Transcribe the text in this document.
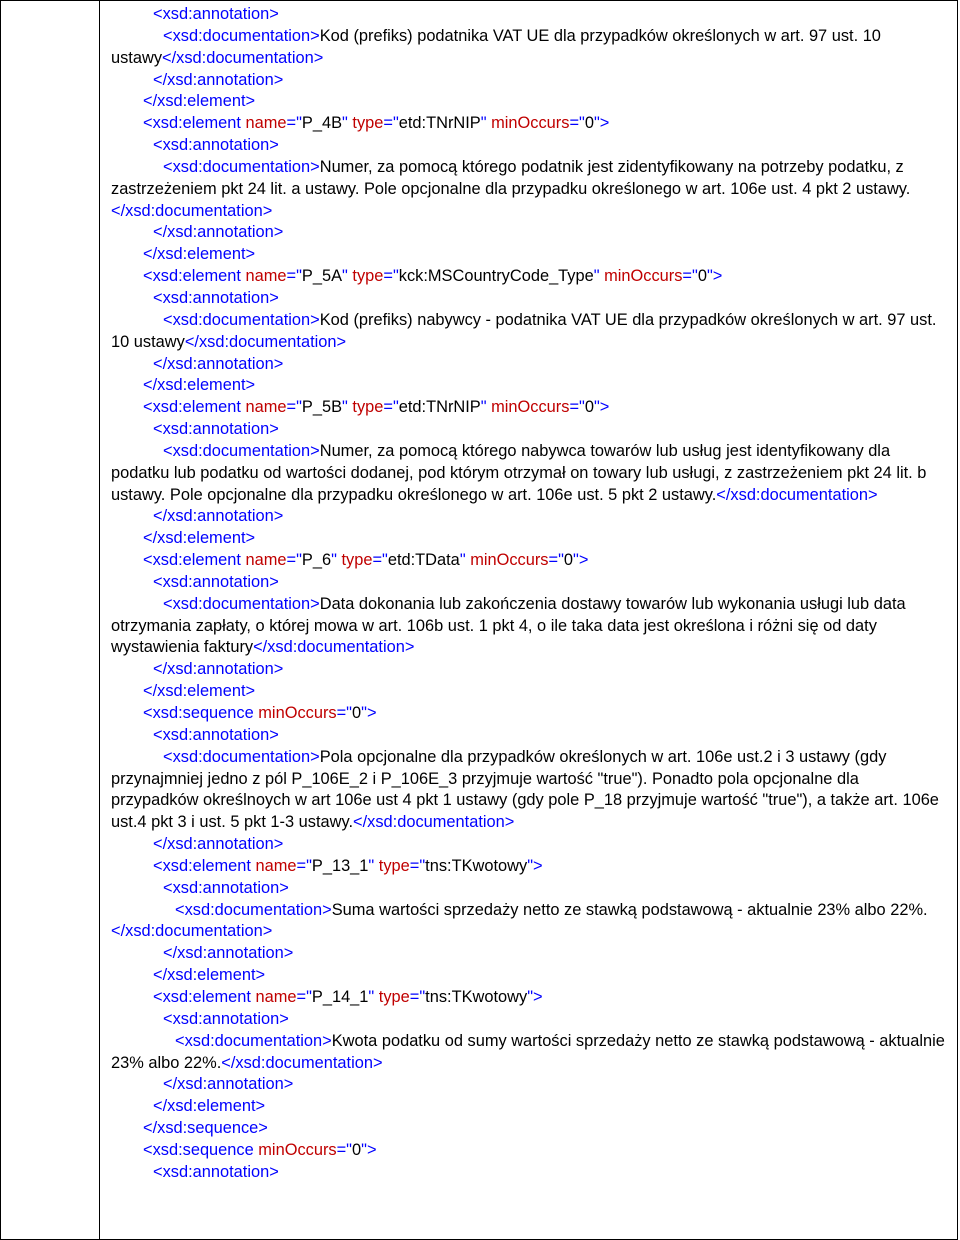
<xsd:annotation>
<xsd:documentation>Kod (prefiks) podatnika VAT UE dla przypadków określonych w art. 97 ust. 10 ustawy</xsd:documentation>
</xsd:annotation>
</xsd:element>
<xsd:element name="P_4B" type="etd:TNrNIP" minOccurs="0">
<xsd:annotation>
<xsd:documentation>Numer, za pomocą którego podatnik jest zidentyfikowany na potrzeby podatku, z zastrzeżeniem pkt 24 lit. a ustawy. Pole opcjonalne dla przypadku określonego w art. 106e ust. 4 pkt 2 ustawy.</xsd:documentation>
</xsd:annotation>
</xsd:element>
<xsd:element name="P_5A" type="kck:MSCountryCode_Type" minOccurs="0">
<xsd:annotation>
<xsd:documentation>Kod (prefiks) nabywcy - podatnika VAT UE dla przypadków określonych w art. 97 ust. 10 ustawy</xsd:documentation>
</xsd:annotation>
</xsd:element>
<xsd:element name="P_5B" type="etd:TNrNIP" minOccurs="0">
<xsd:annotation>
<xsd:documentation>Numer, za pomocą którego nabywca towarów lub usług jest identyfikowany dla podatku lub podatku od wartości dodanej, pod którym otrzymał on towary lub usługi, z zastrzeżeniem pkt 24 lit. b ustawy. Pole opcjonalne dla przypadku określonego w art. 106e ust. 5 pkt 2 ustawy.</xsd:documentation>
</xsd:annotation>
</xsd:element>
<xsd:element name="P_6" type="etd:TData" minOccurs="0">
<xsd:annotation>
<xsd:documentation>Data dokonania lub zakończenia dostawy towarów lub wykonania usługi lub data otrzymania zapłaty, o której mowa w art. 106b ust. 1 pkt 4, o ile taka data jest określona i różni się od daty wystawienia faktury</xsd:documentation>
</xsd:annotation>
</xsd:element>
<xsd:sequence minOccurs="0">
<xsd:annotation>
<xsd:documentation>Pola opcjonalne dla przypadków określonych w art. 106e ust.2 i 3 ustawy (gdy przynajmniej jedno z pól P_106E_2 i P_106E_3 przyjmuje wartość "true"). Ponadto pola opcjonalne dla przypadków określnoych w art 106e ust 4 pkt 1 ustawy (gdy pole P_18 przyjmuje wartość "true"), a także art. 106e ust.4 pkt 3 i ust. 5 pkt 1-3 ustawy.</xsd:documentation>
</xsd:annotation>
<xsd:element name="P_13_1" type="tns:TKwotowy">
<xsd:annotation>
<xsd:documentation>Suma wartości sprzedaży netto ze stawką podstawową - aktualnie 23% albo 22%.</xsd:documentation>
</xsd:annotation>
</xsd:element>
<xsd:element name="P_14_1" type="tns:TKwotowy">
<xsd:annotation>
<xsd:documentation>Kwota podatku od sumy wartości sprzedaży netto ze stawką podstawową - aktualnie 23% albo 22%.</xsd:documentation>
</xsd:annotation>
</xsd:element>
</xsd:sequence>
<xsd:sequence minOccurs="0">
<xsd:annotation>
